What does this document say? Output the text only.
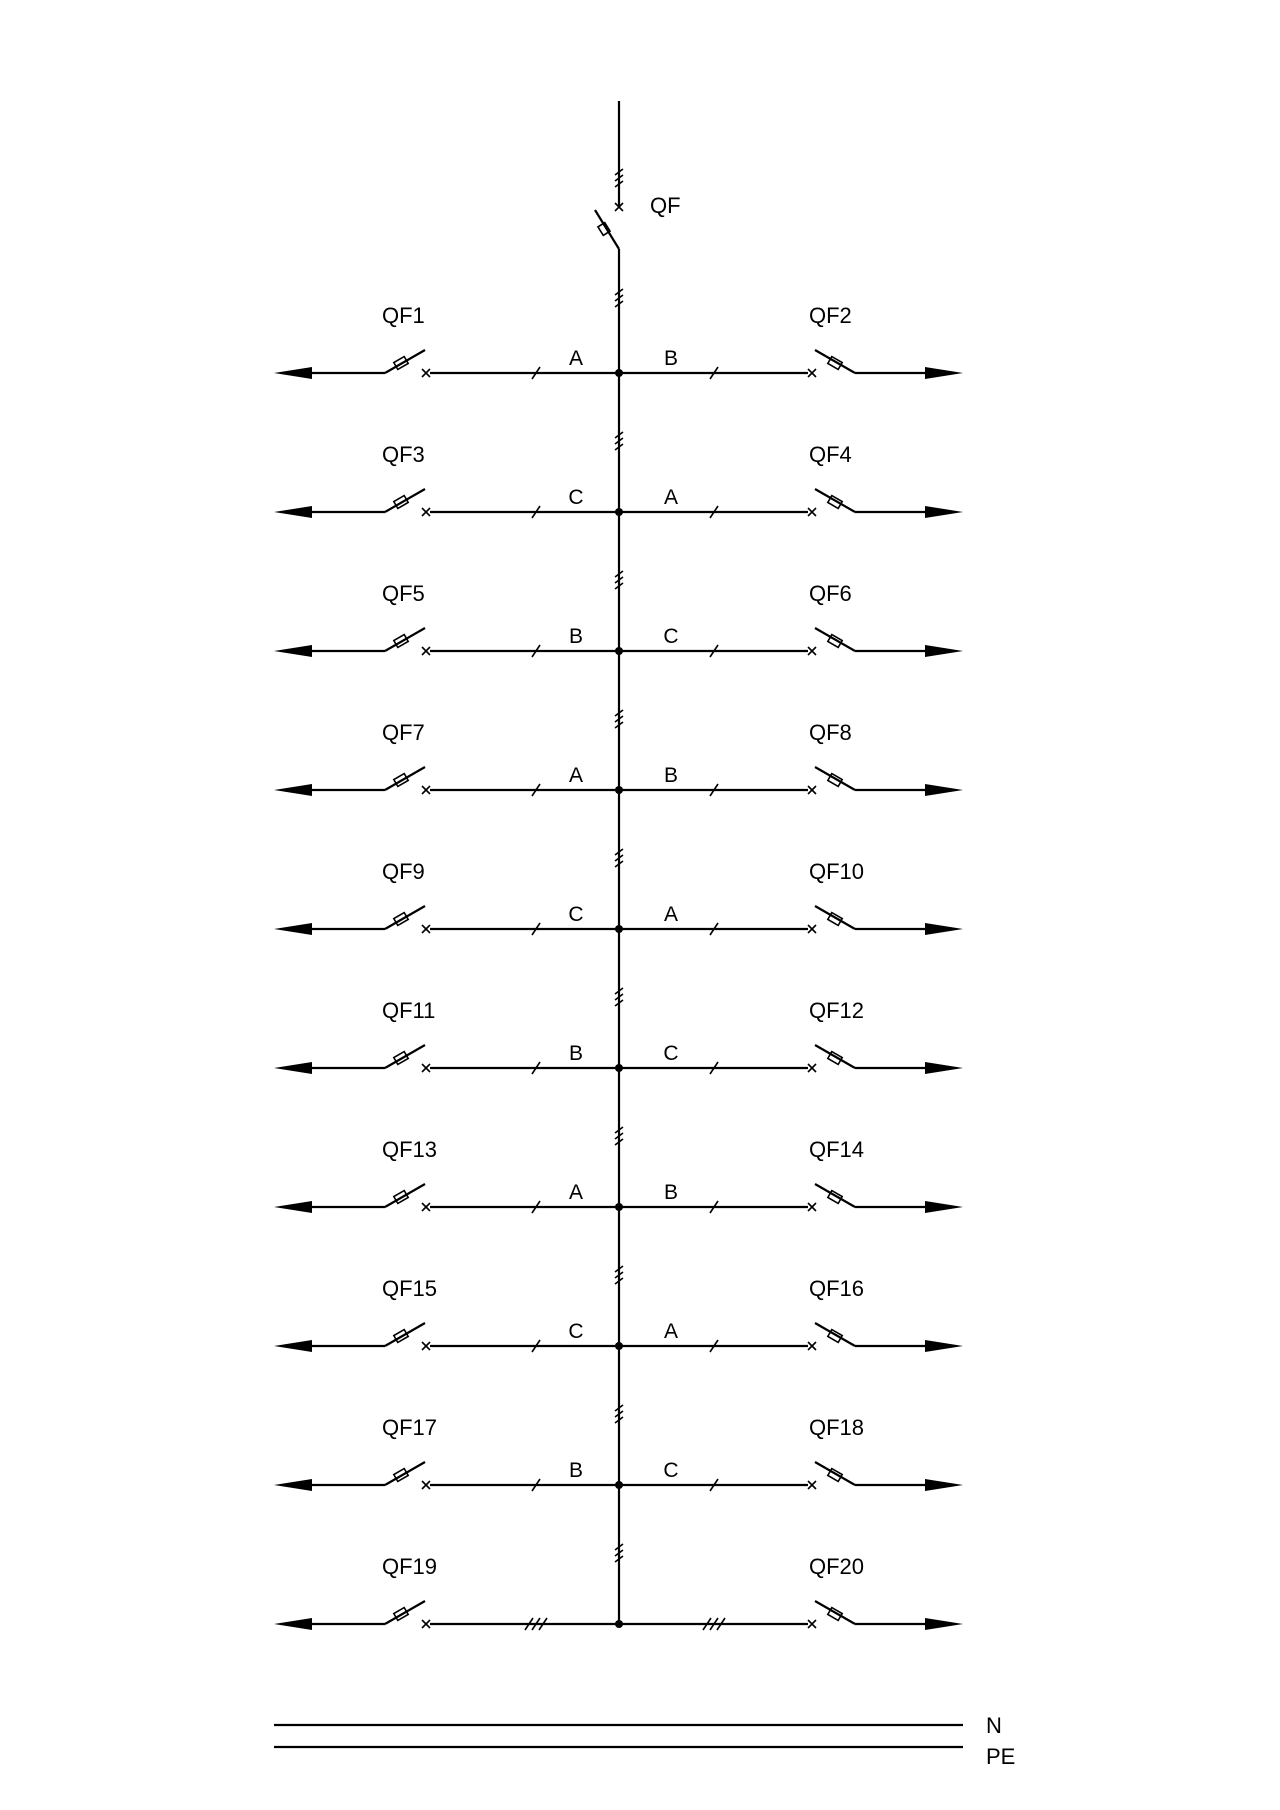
QF
QF1
A
QF2
B
QF3
C
QF4
A
QF5
B
QF6
C
QF7
A
QF8
B
QF9
C
QF10
A
QF11
B
QF12
C
QF13
A
QF14
B
QF15
C
QF16
A
QF17
B
QF18
C
QF19	QF20
N
PE
